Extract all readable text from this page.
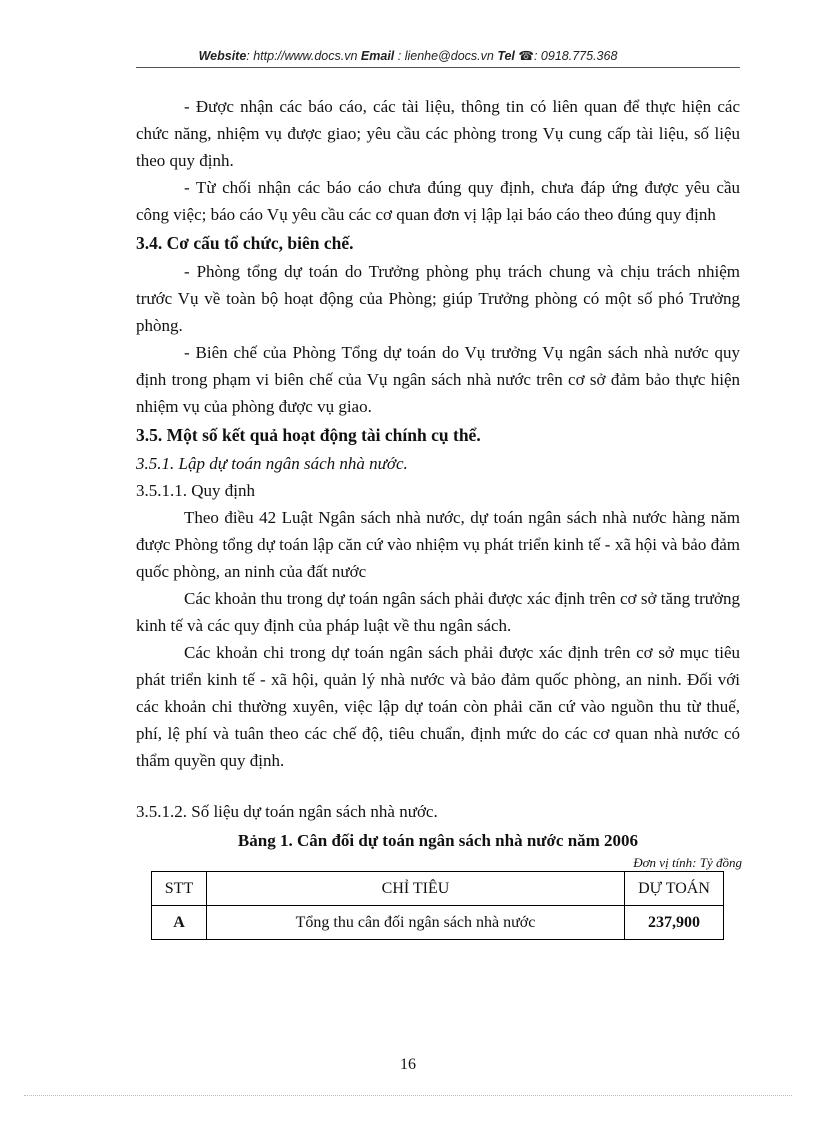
Website: http://www.docs.vn Email : lienhe@docs.vn Tel ☎: 0918.775.368

- Được nhận các báo cáo, các tài liệu, thông tin có liên quan để thực hiện các chức năng, nhiệm vụ được giao; yêu cầu các phòng trong Vụ cung cấp tài liệu, số liệu theo quy định.

- Từ chối nhận các báo cáo chưa đúng quy định, chưa đáp ứng được yêu cầu công việc; báo cáo Vụ yêu cầu các cơ quan đơn vị lập lại báo cáo theo đúng quy định

3.4. Cơ cấu tổ chức, biên chế.

- Phòng tổng dự toán do Trưởng phòng phụ trách chung và chịu trách nhiệm trước Vụ về toàn bộ hoạt động của Phòng; giúp Trưởng phòng có một số phó Trưởng phòng.

- Biên chế của Phòng Tổng dự toán do Vụ trưởng Vụ ngân sách nhà nước quy định trong phạm vi biên chế của Vụ ngân sách nhà nước trên cơ sở đảm bảo thực hiện nhiệm vụ của phòng được vụ giao.

3.5. Một số kết quả hoạt động tài chính cụ thể.

3.5.1. Lập dự toán ngân sách nhà nước.

3.5.1.1. Quy định

Theo điều 42 Luật Ngân sách nhà nước, dự toán ngân sách nhà nước hàng năm được Phòng tổng dự toán lập căn cứ vào nhiệm vụ phát triển kinh tế - xã hội và bảo đảm quốc phòng, an ninh của đất nước

Các khoản thu trong dự toán ngân sách phải được xác định trên cơ sở tăng trưởng kinh tế và các quy định của pháp luật về thu ngân sách.

Các khoản chi trong dự toán ngân sách phải được xác định trên cơ sở mục tiêu phát triển kinh tế - xã hội, quản lý nhà nước và bảo đảm quốc phòng, an ninh. Đối với các khoản chi thường xuyên, việc lập dự toán còn phải căn cứ vào nguồn thu từ thuế, phí, lệ phí và tuân theo các chế độ, tiêu chuẩn, định mức do các cơ quan nhà nước có thẩm quyền quy định.

3.5.1.2. Số liệu dự toán ngân sách nhà nước.

Bảng 1. Cân đối dự toán ngân sách nhà nước năm 2006
Đơn vị tính: Tỷ đồng
STT	CHỈ TIÊU	DỰ TOÁN
A	Tổng thu cân đối ngân sách nhà nước	237,900
16
